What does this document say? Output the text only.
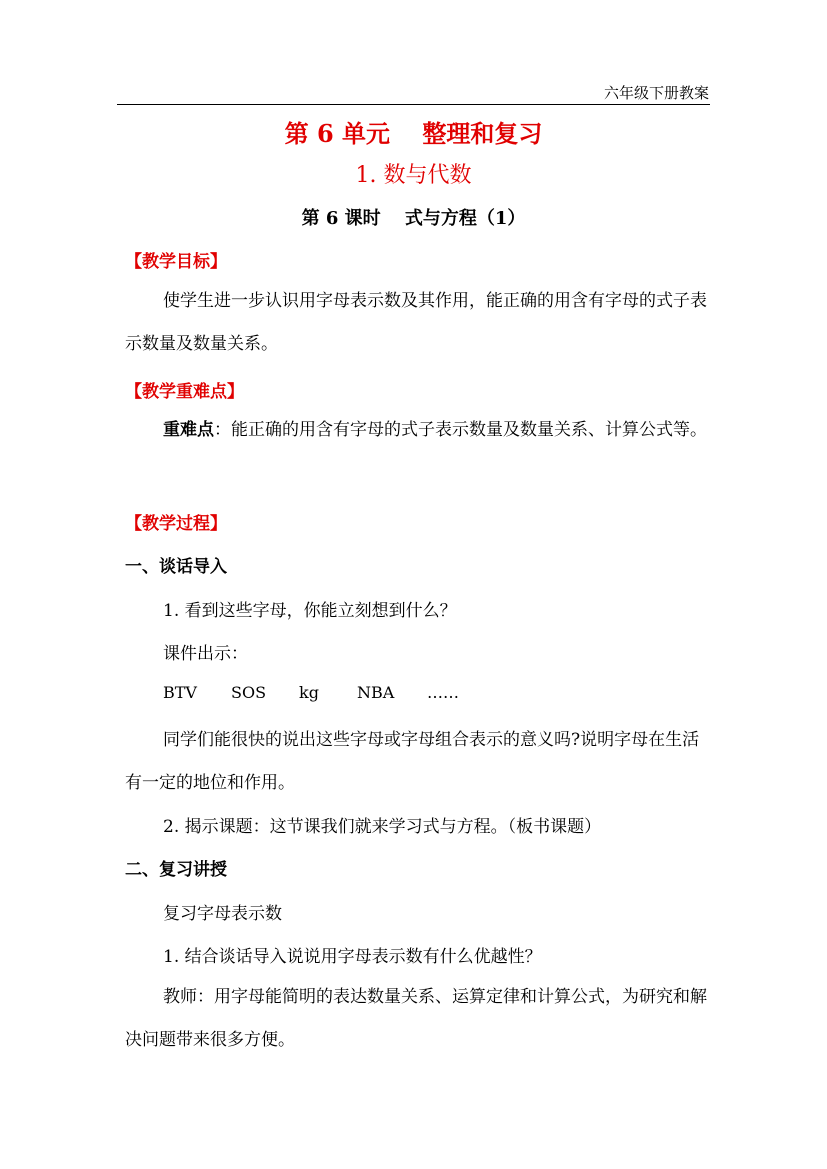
六年级下册教案
第 6 单元　 整理和复习
1. 数与代数
第 6 课时　 式与方程（1）
【教学目标】
使学生进一步认识用字母表示数及其作用，能正确的用含有字母的式子表示数量及数量关系。
【教学重难点】
重难点：能正确的用含有字母的式子表示数量及数量关系、计算公式等。
【教学过程】
一、谈话导入
1. 看到这些字母，你能立刻想到什么？
课件出示：
BTV SOS kg NBA ……
同学们能很快的说出这些字母或字母组合表示的意义吗?说明字母在生活有一定的地位和作用。
2. 揭示课题：这节课我们就来学习式与方程。（板书课题）
二、复习讲授
复习字母表示数
1. 结合谈话导入说说用字母表示数有什么优越性？
教师：用字母能简明的表达数量关系、运算定律和计算公式，为研究和解决问题带来很多方便。
